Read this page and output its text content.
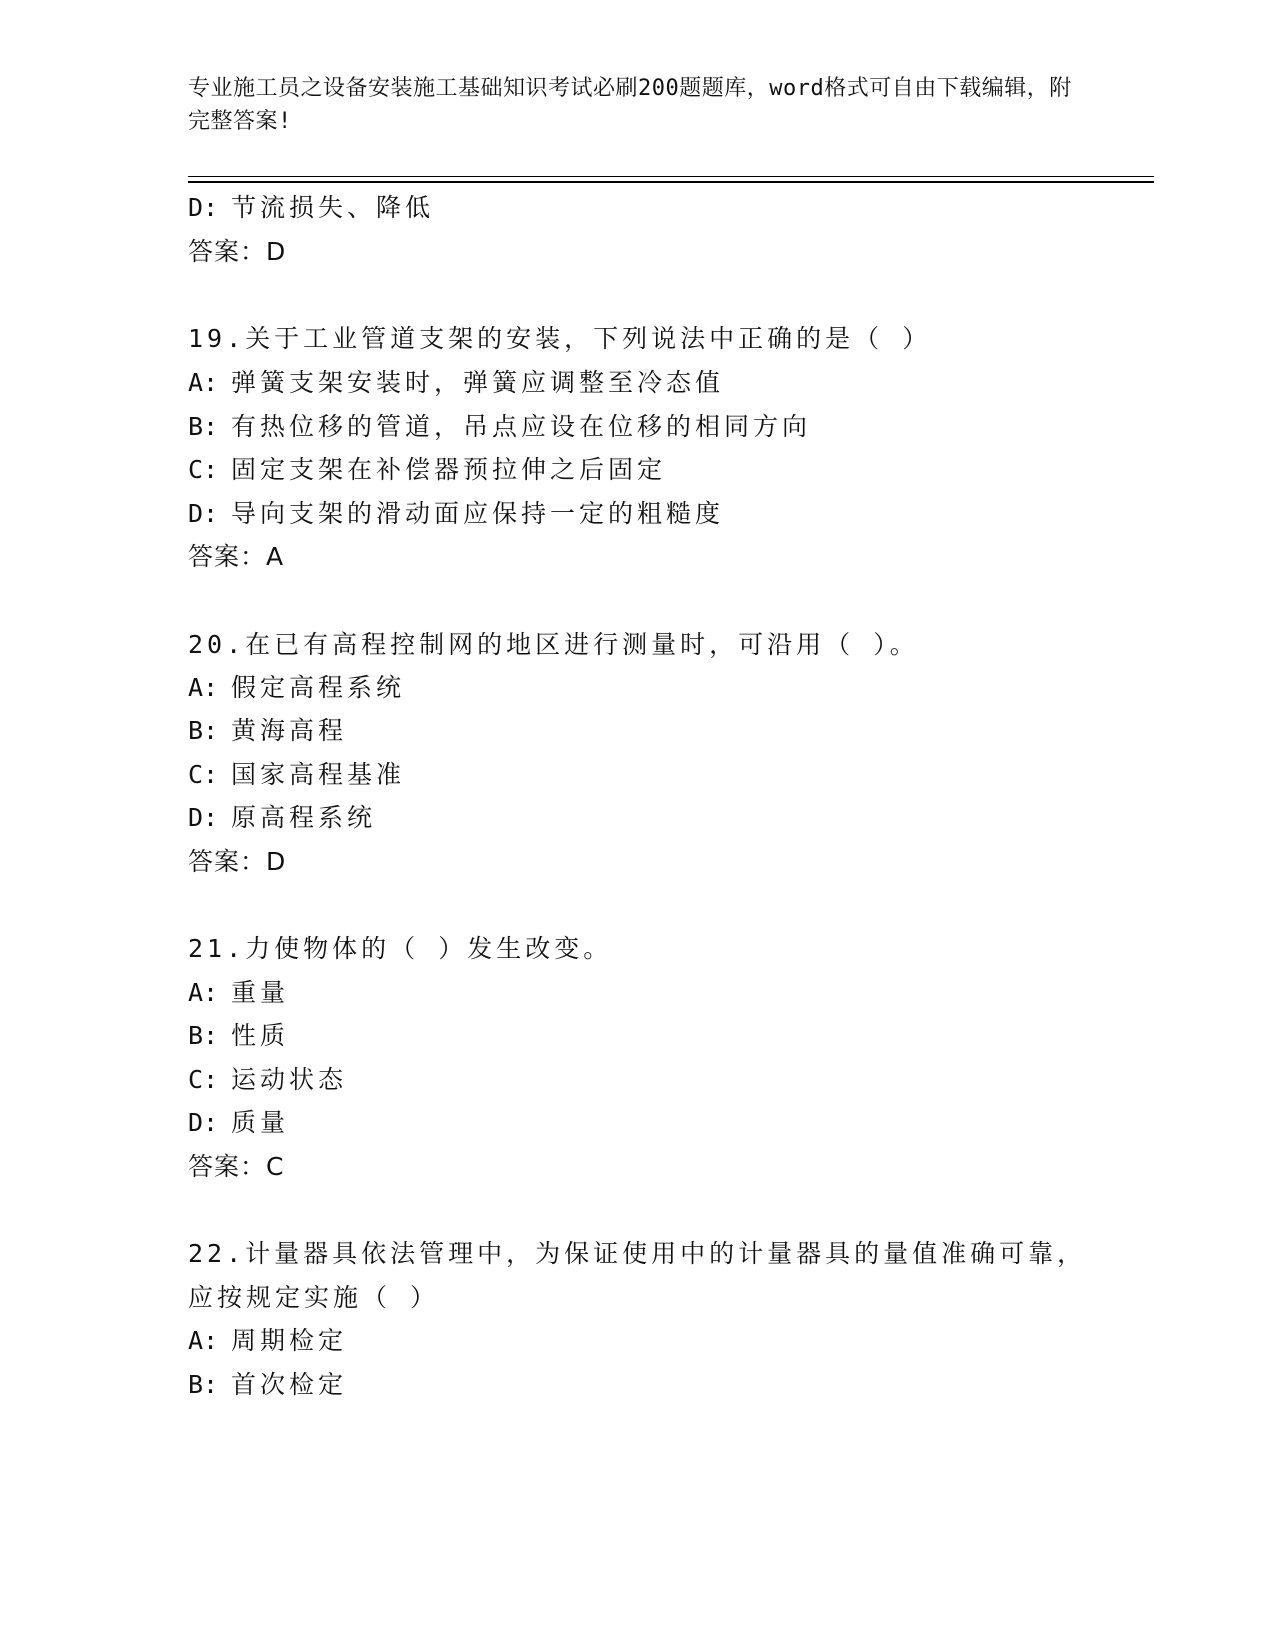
专业施工员之设备安装施工基础知识考试必刷200题题库，word格式可自由下载编辑，附完整答案!
D: 节流损失、降低
答案：D
19.关于工业管道支架的安装，下列说法中正确的是（ ）
A: 弹簧支架安装时，弹簧应调整至冷态值
B: 有热位移的管道，吊点应设在位移的相同方向
C: 固定支架在补偿器预拉伸之后固定
D: 导向支架的滑动面应保持一定的粗糙度
答案：A
20.在已有高程控制网的地区进行测量时，可沿用（ ）。
A: 假定高程系统
B: 黄海高程
C: 国家高程基准
D: 原高程系统
答案：D
21.力使物体的（ ）发生改变。
A: 重量
B: 性质
C: 运动状态
D: 质量
答案：C
22.计量器具依法管理中，为保证使用中的计量器具的量值准确可靠，
应按规定实施（ ）
A: 周期检定
B: 首次检定
